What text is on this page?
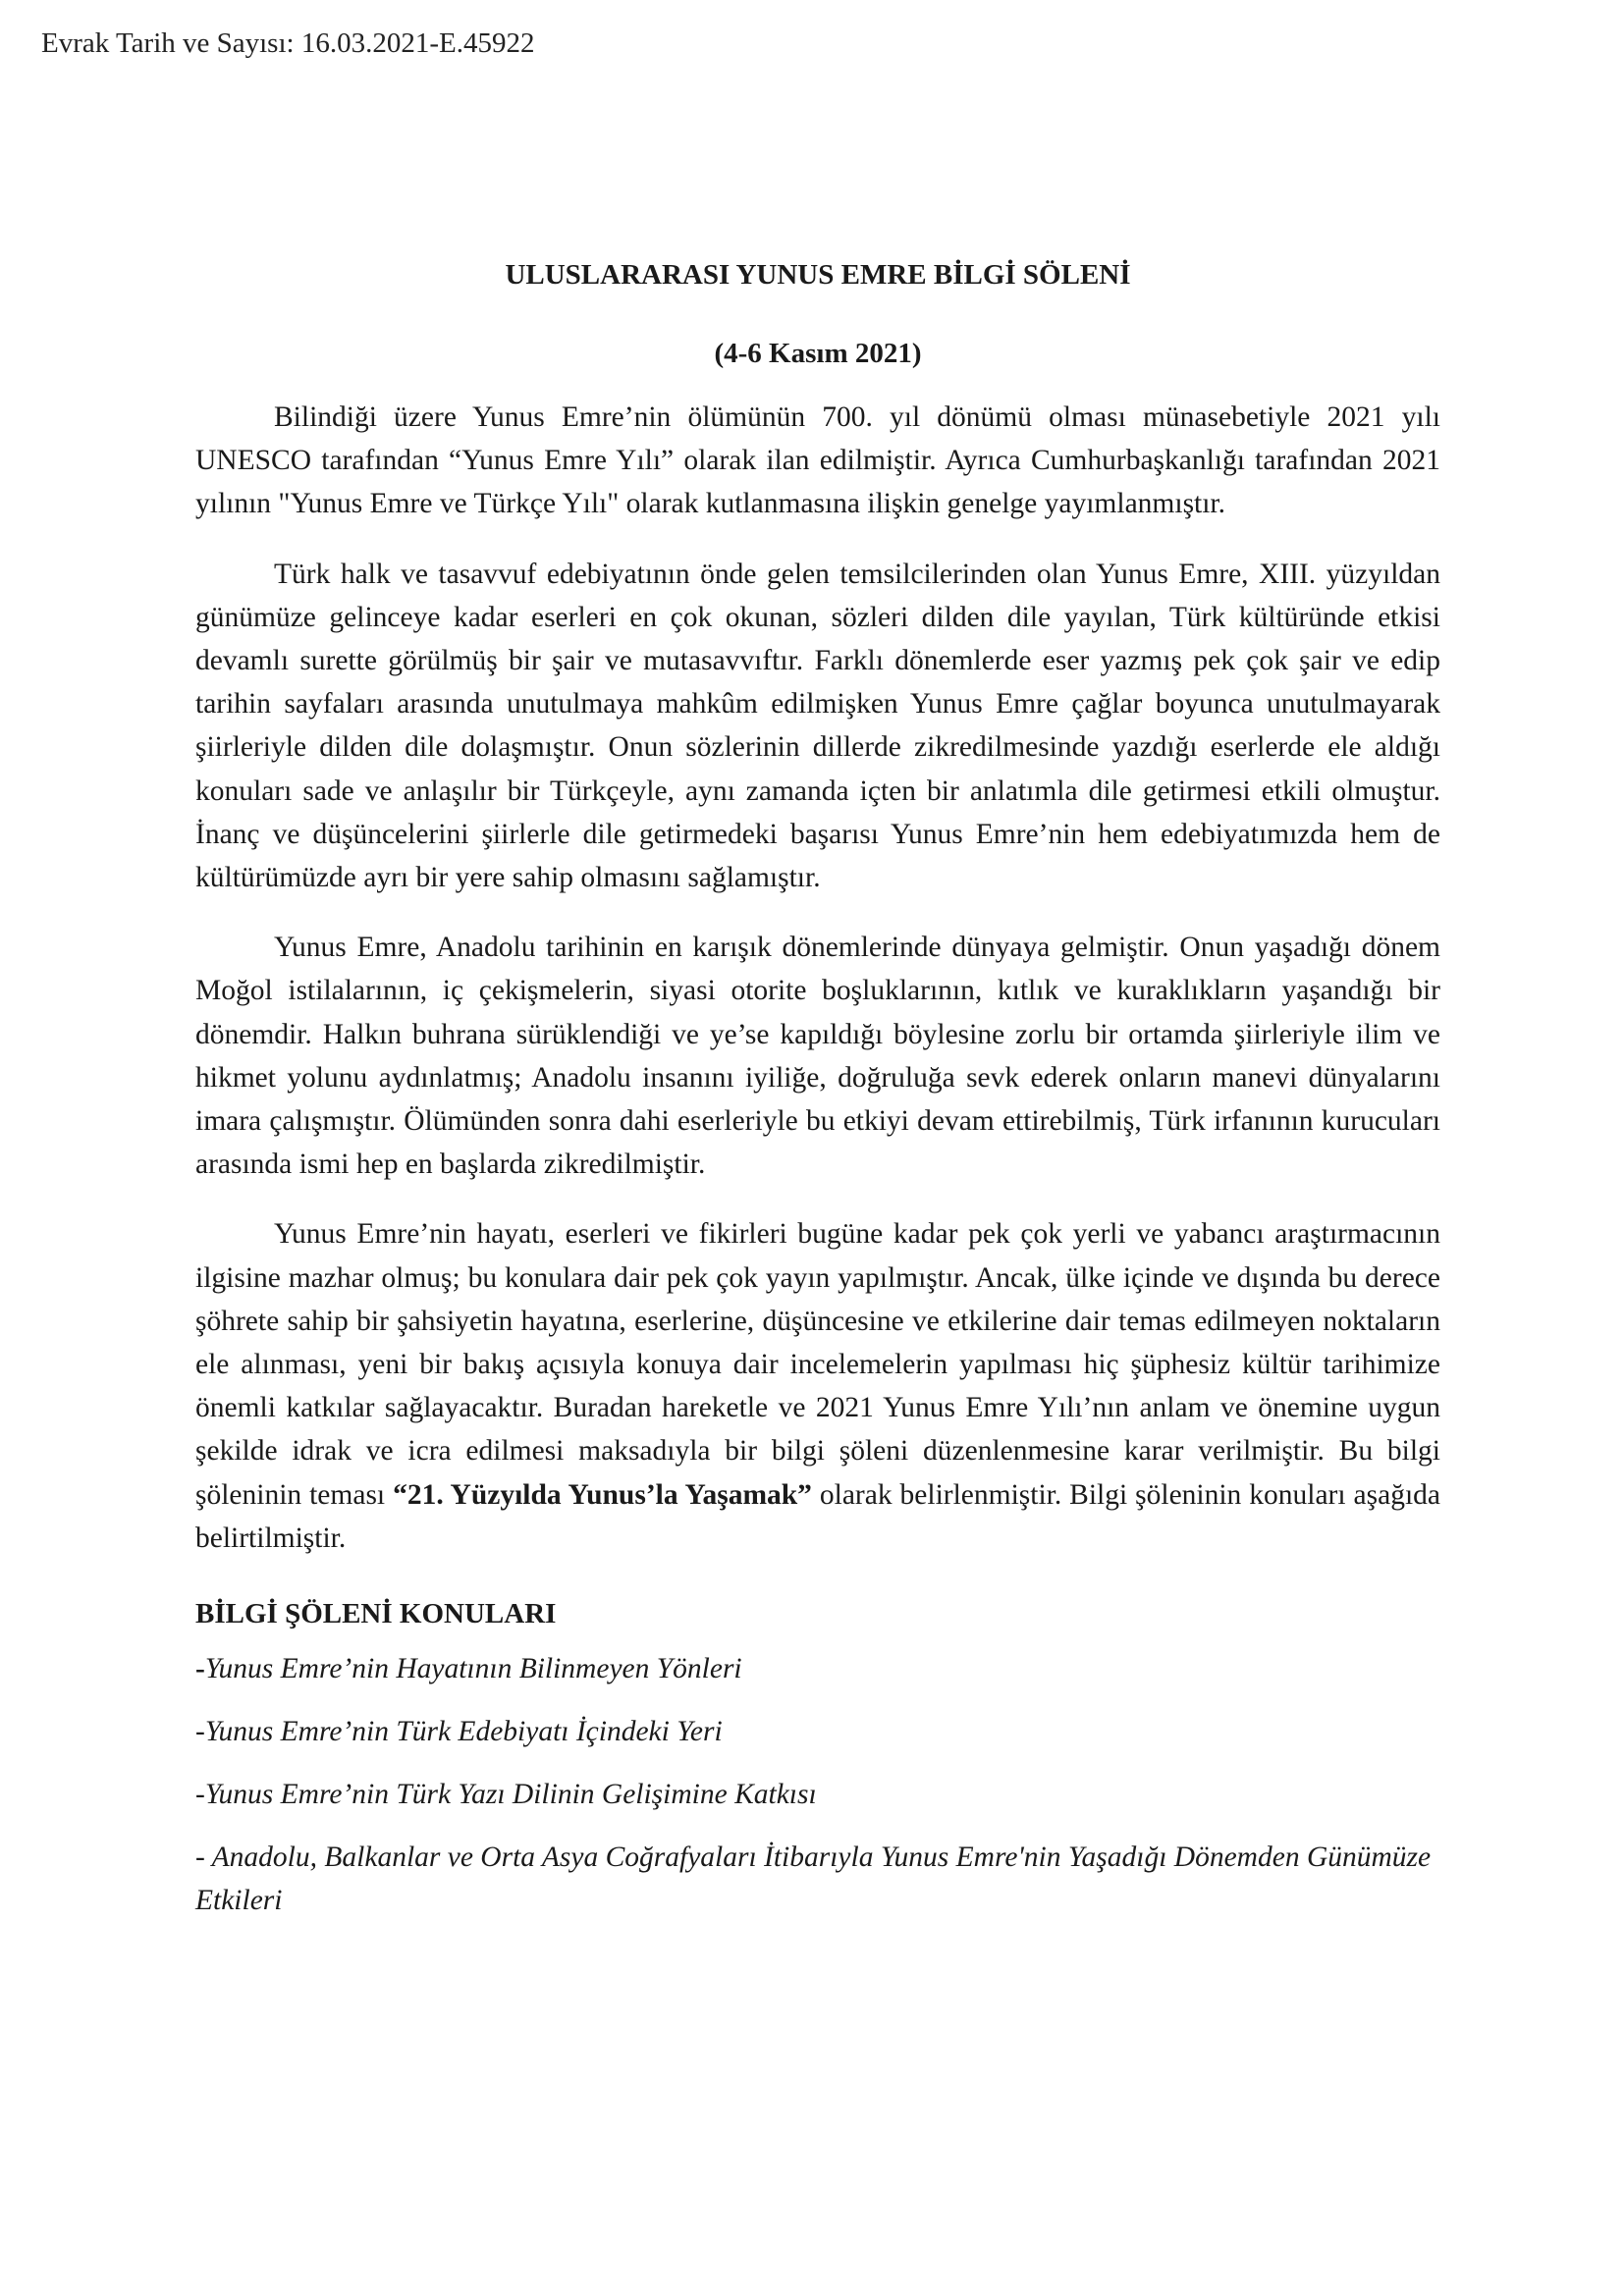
Evrak Tarih ve Sayısı: 16.03.2021-E.45922
ULUSLARARASI YUNUS EMRE BİLGİ SÖLENİ
(4-6 Kasım 2021)

Bilindiği üzere Yunus Emre’nin ölümünün 700. yıl dönümü olması münasebetiyle 2021 yılı UNESCO tarafından “Yunus Emre Yılı” olarak ilan edilmiştir. Ayrıca Cumhurbaşkanlığı tarafından 2021 yılının "Yunus Emre ve Türkçe Yılı" olarak kutlanmasına ilişkin genelge yayımlanmıştır.

Türk halk ve tasavvuf edebiyatının önde gelen temsilcilerinden olan Yunus Emre, XIII. yüzyıldan günümüze gelinceye kadar eserleri en çok okunan, sözleri dilden dile yayılan, Türk kültüründe etkisi devamlı surette görülmüş bir şair ve mutasavvıftır. Farklı dönemlerde eser yazmış pek çok şair ve edip tarihin sayfaları arasında unutulmaya mahkûm edilmişken Yunus Emre çağlar boyunca unutulmayarak şiirleriyle dilden dile dolaşmıştır. Onun sözlerinin dillerde zikredilmesinde yazdığı eserlerde ele aldığı konuları sade ve anlaşılır bir Türkçeyle, aynı zamanda içten bir anlatımla dile getirmesi etkili olmuştur. İnanç ve düşüncelerini şiirlerle dile getirmedeki başarısı Yunus Emre’nin hem edebiyatımızda hem de kültürümüzde ayrı bir yere sahip olmasını sağlamıştır.

Yunus Emre, Anadolu tarihinin en karışık dönemlerinde dünyaya gelmiştir. Onun yaşadığı dönem Moğol istilalarının, iç çekişmelerin, siyasi otorite boşluklarının, kıtlık ve kuraklıkların yaşandığı bir dönemdir. Halkın buhrana sürüklendiği ve ye’se kapıldığı böylesine zorlu bir ortamda şiirleriyle ilim ve hikmet yolunu aydınlatmış; Anadolu insanını iyiliğe, doğruluğa sevk ederek onların manevi dünyalarını imara çalışmıştır. Ölümünden sonra dahi eserleriyle bu etkiyi devam ettirebilmiş, Türk irfanının kurucuları arasında ismi hep en başlarda zikredilmiştir.

Yunus Emre’nin hayatı, eserleri ve fikirleri bugüne kadar pek çok yerli ve yabancı araştırmacının ilgisine mazhar olmuş; bu konulara dair pek çok yayın yapılmıştır. Ancak, ülke içinde ve dışında bu derece şöhrete sahip bir şahsiyetin hayatına, eserlerine, düşüncesine ve etkilerine dair temas edilmeyen noktaların ele alınması, yeni bir bakış açısıyla konuya dair incelemelerin yapılması hiç şüphesiz kültür tarihimize önemli katkılar sağlayacaktır. Buradan hareketle ve 2021 Yunus Emre Yılı’nın anlam ve önemine uygun şekilde idrak ve icra edilmesi maksadıyla bir bilgi şöleni düzenlenmesine karar verilmiştir. Bu bilgi şöleninin teması “21. Yüzyılda Yunus’la Yaşamak” olarak belirlenmiştir. Bilgi şöleninin konuları aşağıda belirtilmiştir.

BİLGİ ŞÖLENİ KONULARI
-Yunus Emre’nin Hayatının Bilinmeyen Yönleri
-Yunus Emre’nin Türk Edebiyatı İçindeki Yeri
-Yunus Emre’nin Türk Yazı Dilinin Gelişimine Katkısı
- Anadolu, Balkanlar ve Orta Asya Coğrafyaları İtibarıyla Yunus Emre'nin Yaşadığı Dönemden Günümüze Etkileri
